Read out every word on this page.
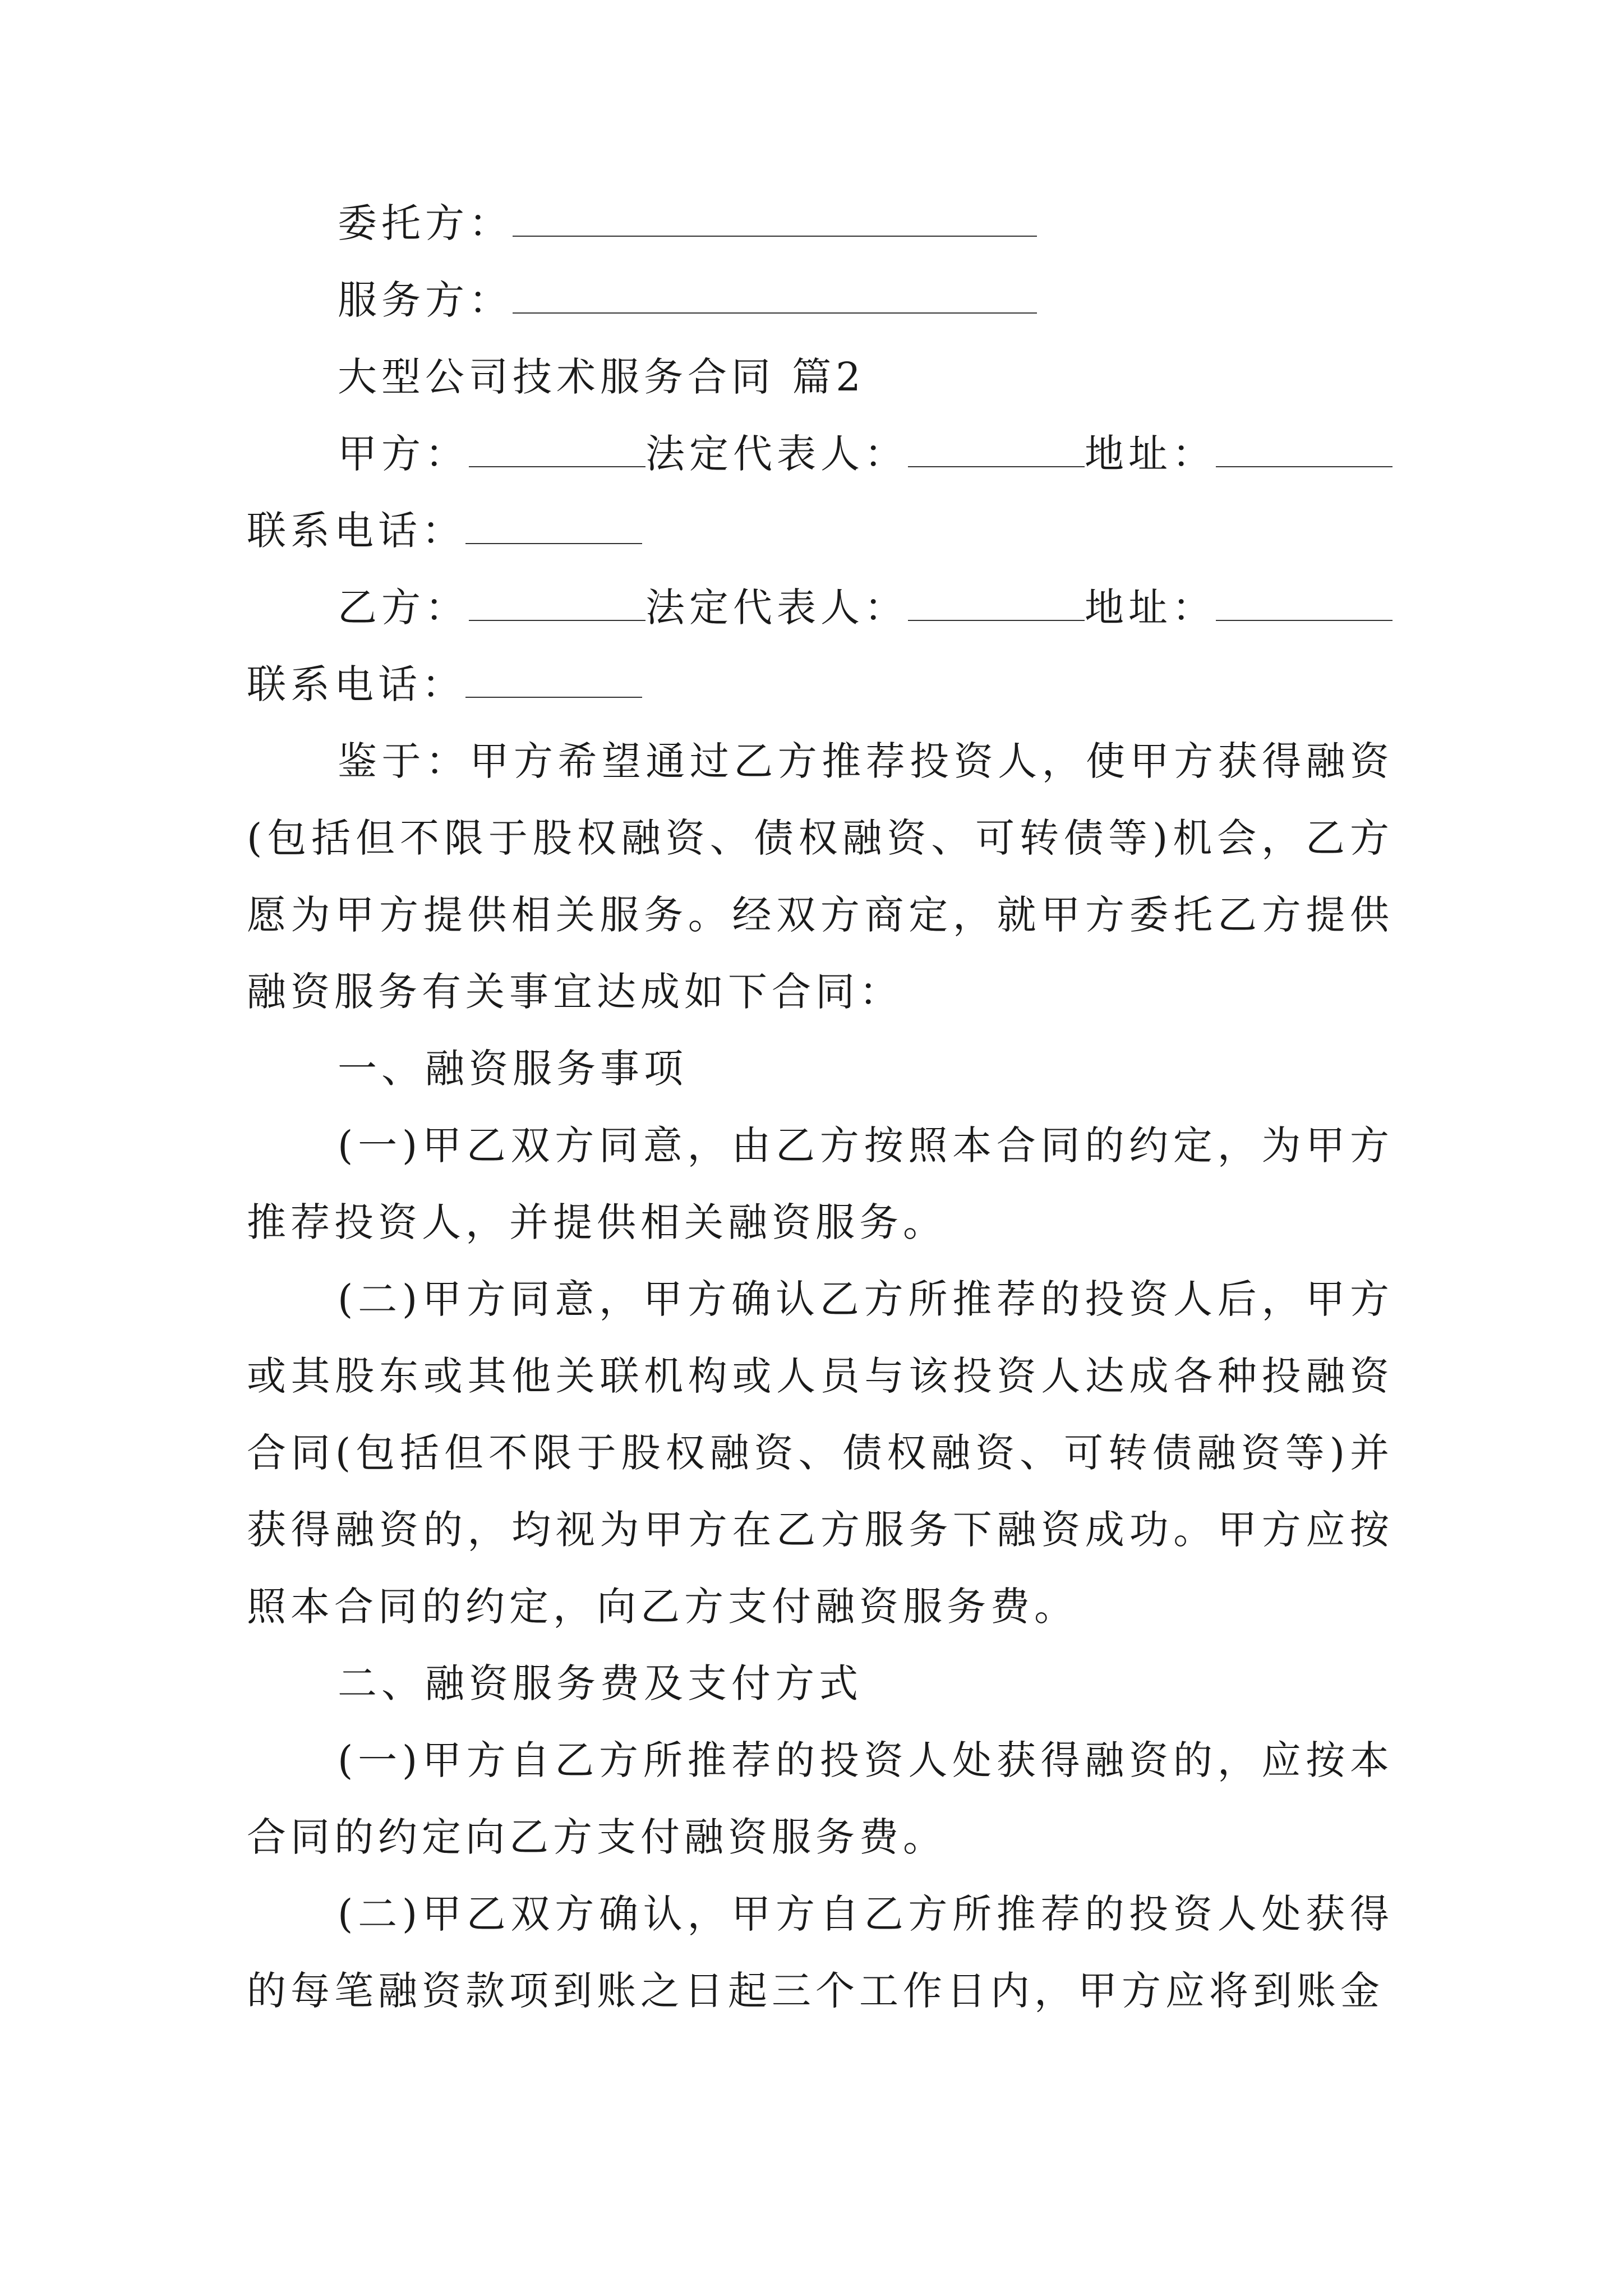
委托方：
服务方：
大型公司技术服务合同 篇2
甲方：	法定代表人：	地址：
联系电话：
乙方：	法定代表人：	地址：
联系电话：

鉴于：甲方希望通过乙方推荐投资人，使甲方获得融资(包括但不限于股权融资、债权融资、可转债等)机会，乙方愿为甲方提供相关服务。经双方商定，就甲方委托乙方提供融资服务有关事宜达成如下合同：

一、融资服务事项

(一)甲乙双方同意，由乙方按照本合同的约定，为甲方推荐投资人，并提供相关融资服务。

(二)甲方同意，甲方确认乙方所推荐的投资人后，甲方或其股东或其他关联机构或人员与该投资人达成各种投融资合同(包括但不限于股权融资、债权融资、可转债融资等)并获得融资的，均视为甲方在乙方服务下融资成功。甲方应按照本合同的约定，向乙方支付融资服务费。

二、融资服务费及支付方式

(一)甲方自乙方所推荐的投资人处获得融资的，应按本合同的约定向乙方支付融资服务费。

(二)甲乙双方确认，甲方自乙方所推荐的投资人处获得的每笔融资款项到账之日起三个工作日内，甲方应将到账金
